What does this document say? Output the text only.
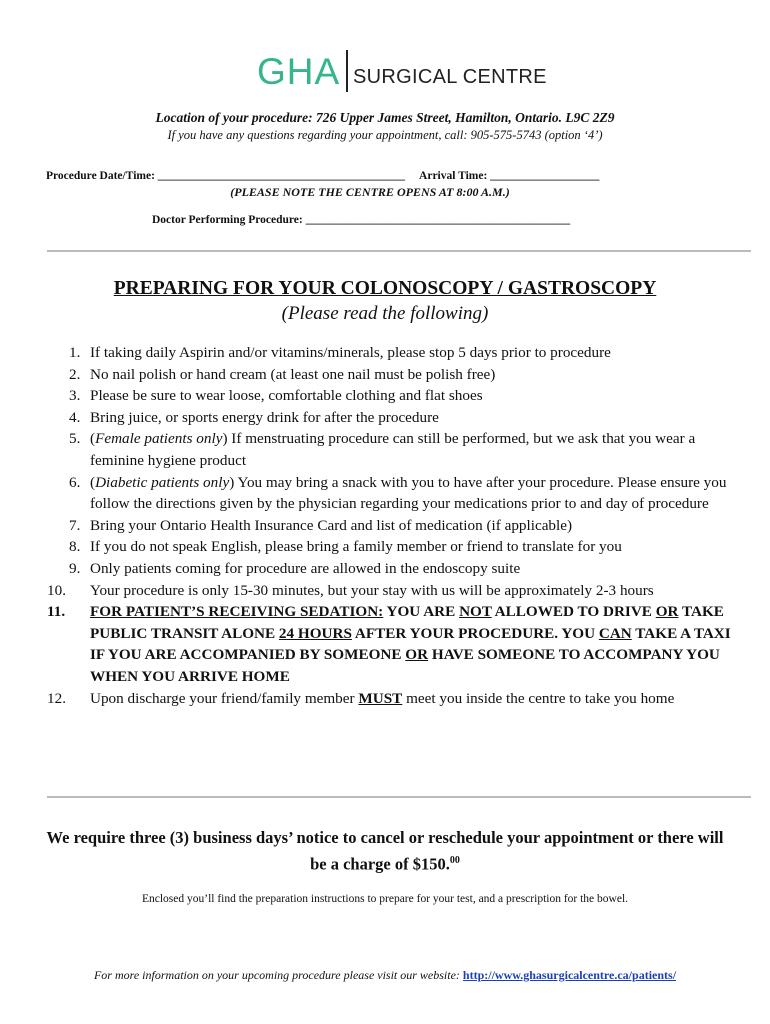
GHA SURGICAL CENTRE
Location of your procedure: 726 Upper James Street, Hamilton, Ontario. L9C 2Z9
If you have any questions regarding your appointment, call: 905-575-5743 (option ‘4’)
Procedure Date/Time: ___________________________________________ Arrival Time: ___________________
(PLEASE NOTE THE CENTRE OPENS AT 8:00 A.M.)
Doctor Performing Procedure: ______________________________________________
PREPARING FOR YOUR COLONOSCOPY / GASTROSCOPY
(Please read the following)
1. If taking daily Aspirin and/or vitamins/minerals, please stop 5 days prior to procedure
2. No nail polish or hand cream (at least one nail must be polish free)
3. Please be sure to wear loose, comfortable clothing and flat shoes
4. Bring juice, or sports energy drink for after the procedure
5. (Female patients only) If menstruating procedure can still be performed, but we ask that you wear a feminine hygiene product
6. (Diabetic patients only) You may bring a snack with you to have after your procedure. Please ensure you follow the directions given by the physician regarding your medications prior to and day of procedure
7. Bring your Ontario Health Insurance Card and list of medication (if applicable)
8. If you do not speak English, please bring a family member or friend to translate for you
9. Only patients coming for procedure are allowed in the endoscopy suite
10. Your procedure is only 15-30 minutes, but your stay with us will be approximately 2-3 hours
11. FOR PATIENT’S RECEIVING SEDATION: YOU ARE NOT ALLOWED TO DRIVE OR TAKE PUBLIC TRANSIT ALONE 24 HOURS AFTER YOUR PROCEDURE. YOU CAN TAKE A TAXI IF YOU ARE ACCOMPANIED BY SOMEONE OR HAVE SOMEONE TO ACCOMPANY YOU WHEN YOU ARRIVE HOME
12. Upon discharge your friend/family member MUST meet you inside the centre to take you home
We require three (3) business days’ notice to cancel or reschedule your appointment or there will be a charge of $150.00
Enclosed you’ll find the preparation instructions to prepare for your test, and a prescription for the bowel.
For more information on your upcoming procedure please visit our website: http://www.ghasurgicalcentre.ca/patients/
